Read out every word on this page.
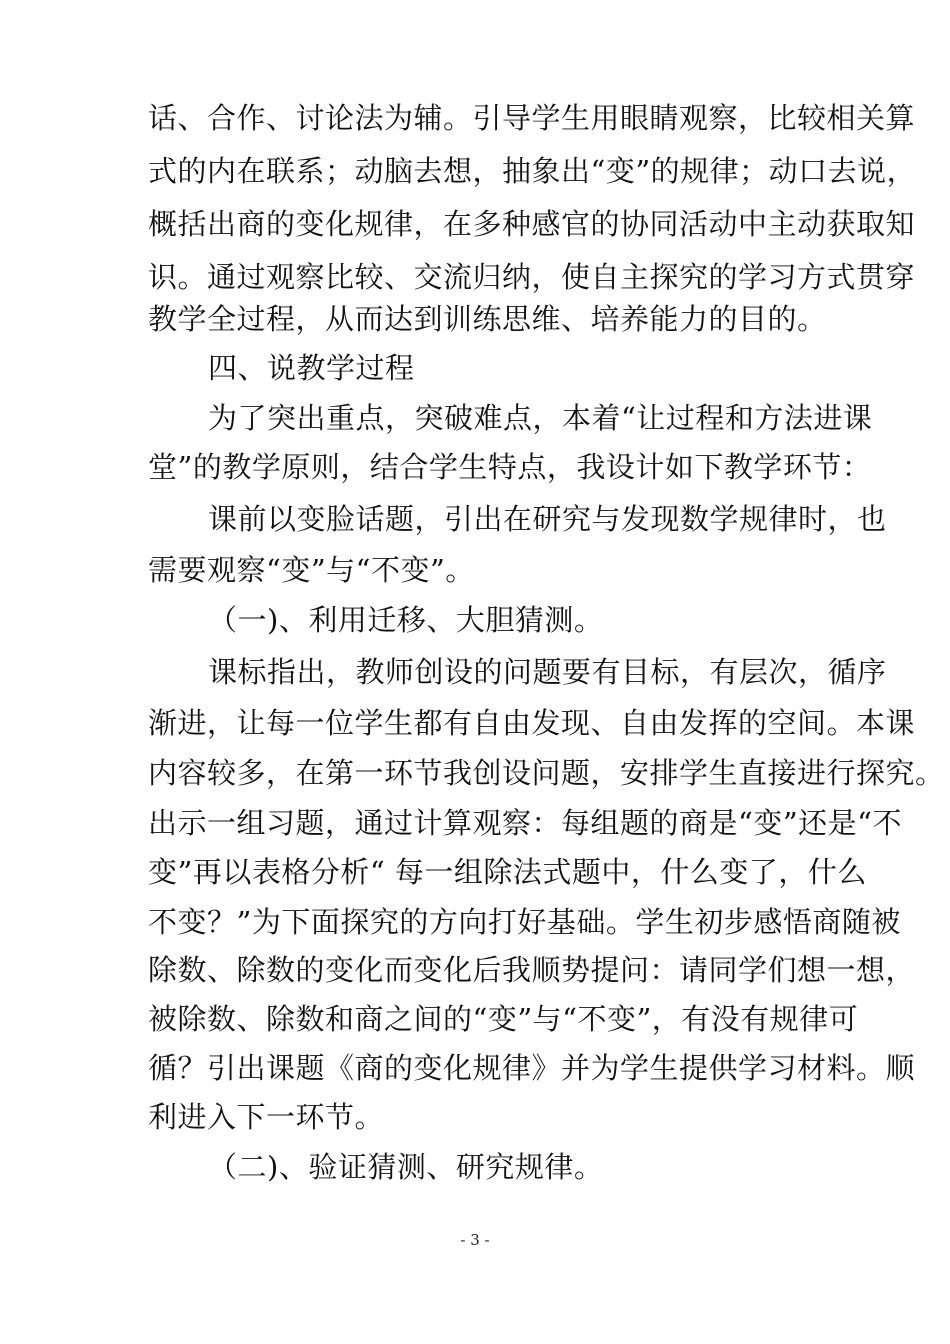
话、合作、讨论法为辅。引导学生用眼睛观察，比较相关算
式的内在联系；动脑去想，抽象出“变”的规律；动口去说，
概括出商的变化规律，在多种感官的协同活动中主动获取知
识。通过观察比较、交流归纳，使自主探究的学习方式贯穿
教学全过程，从而达到训练思维、培养能力的目的。
四、说教学过程
为了突出重点，突破难点，本着“让过程和方法进课
堂”的教学原则，结合学生特点，我设计如下教学环节：
课前以变脸话题，引出在研究与发现数学规律时，也
需要观察“变”与“不变”。
（一)、利用迁移、大胆猜测。
课标指出，教师创设的问题要有目标，有层次，循序
渐进，让每一位学生都有自由发现、自由发挥的空间。本课
内容较多，在第一环节我创设问题，安排学生直接进行探究。
出示一组习题，通过计算观察：每组题的商是“变”还是“不
变”再以表格分析“ 每一组除法式题中，什么变了，什么
不变？”为下面探究的方向打好基础。学生初步感悟商随被
除数、除数的变化而变化后我顺势提问：请同学们想一想，
被除数、除数和商之间的“变”与“不变”，有没有规律可
循？引出课题《商的变化规律》并为学生提供学习材料。顺
利进入下一环节。
（二)、验证猜测、研究规律。
- 3 -
